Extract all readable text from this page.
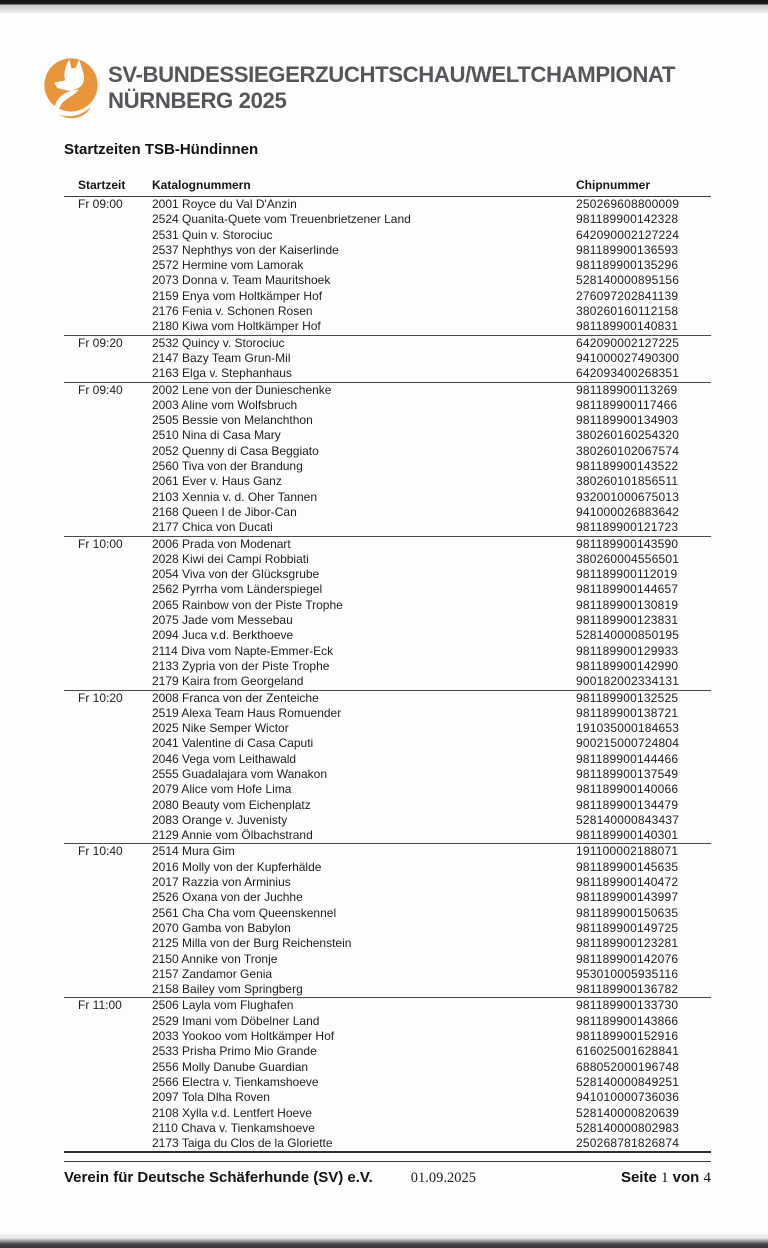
SV-BUNDESSIEGERZUCHTSCHAU/WELTCHAMPIONAT
NÜRNBERG 2025
Startzeiten TSB-Hündinnen
Startzeit	Katalognummern	Chipnummer
Fr 09:00	2001 Royce du Val D'Anzin	250269608800009
	2524 Quanita-Quete vom Treuenbrietzener Land	981189900142328
	2531 Quin v. Storociuc	642090002127224
	2537 Nephthys von der Kaiserlinde	981189900136593
	2572 Hermine vom Lamorak	981189900135296
	2073 Donna v. Team Mauritshoek	528140000895156
	2159 Enya vom Holtkämper Hof	276097202841139
	2176 Fenia v. Schonen Rosen	380260160112158
	2180 Kiwa vom Holtkämper Hof	981189900140831
Fr 09:20	2532 Quincy v. Storociuc	642090002127225
	2147 Bazy Team Grun-Mil	941000027490300
	2163 Elga v. Stephanhaus	642093400268351
Fr 09:40	2002 Lene von der Dunieschenke	981189900113269
	2003 Aline vom Wolfsbruch	981189900117466
	2505 Bessie von Melanchthon	981189900134903
	2510 Nina di Casa Mary	380260160254320
	2052 Quenny di Casa Beggiato	380260102067574
	2560 Tiva von der Brandung	981189900143522
	2061 Ever v. Haus Ganz	380260101856511
	2103 Xennia v. d. Oher Tannen	932001000675013
	2168 Queen I de Jibor-Can	941000026883642
	2177 Chica von Ducati	981189900121723
Fr 10:00	2006 Prada von Modenart	981189900143590
	2028 Kiwi dei Campi Robbiati	380260004556501
	2054 Viva von der Glücksgrube	981189900112019
	2562 Pyrrha vom Länderspiegel	981189900144657
	2065 Rainbow von der Piste Trophe	981189900130819
	2075 Jade vom Messebau	981189900123831
	2094 Juca v.d. Berkthoeve	528140000850195
	2114 Diva vom Napte-Emmer-Eck	981189900129933
	2133 Zypria von der Piste Trophe	981189900142990
	2179 Kaira from Georgeland	900182002334131
Fr 10:20	2008 Franca von der Zenteiche	981189900132525
	2519 Alexa Team Haus Romuender	981189900138721
	2025 Nike Semper Wictor	191035000184653
	2041 Valentine di Casa Caputi	900215000724804
	2046 Vega vom Leithawald	981189900144466
	2555 Guadalajara vom Wanakon	981189900137549
	2079 Alice vom Hofe Lima	981189900140066
	2080 Beauty vom Eichenplatz	981189900134479
	2083 Orange v. Juvenisty	528140000843437
	2129 Annie vom Ölbachstrand	981189900140301
Fr 10:40	2514 Mura Gim	191100002188071
	2016 Molly von der Kupferhälde	981189900145635
	2017 Razzia von Arminius	981189900140472
	2526 Oxana von der Juchhe	981189900143997
	2561 Cha Cha vom Queenskennel	981189900150635
	2070 Gamba von Babylon	981189900149725
	2125 Milla von der Burg Reichenstein	981189900123281
	2150 Annike von Tronje	981189900142076
	2157 Zandamor Genia	953010005935116
	2158 Bailey vom Springberg	981189900136782
Fr 11:00	2506 Layla vom Flughafen	981189900133730
	2529 Imani vom Döbelner Land	981189900143866
	2033 Yookoo vom Holtkämper Hof	981189900152916
	2533 Prisha Primo Mio Grande	616025001628841
	2556 Molly Danube Guardian	688052000196748
	2566 Electra v. Tienkamshoeve	528140000849251
	2097 Tola Dlha Roven	941010000736036
	2108 Xylla v.d. Lentfert Hoeve	528140000820639
	2110 Chava v. Tienkamshoeve	528140000802983
	2173 Taiga du Clos de la Gloriette	250268781826874
Verein für Deutsche Schäferhunde (SV) e.V.	01.09.2025	Seite 1 von 4
